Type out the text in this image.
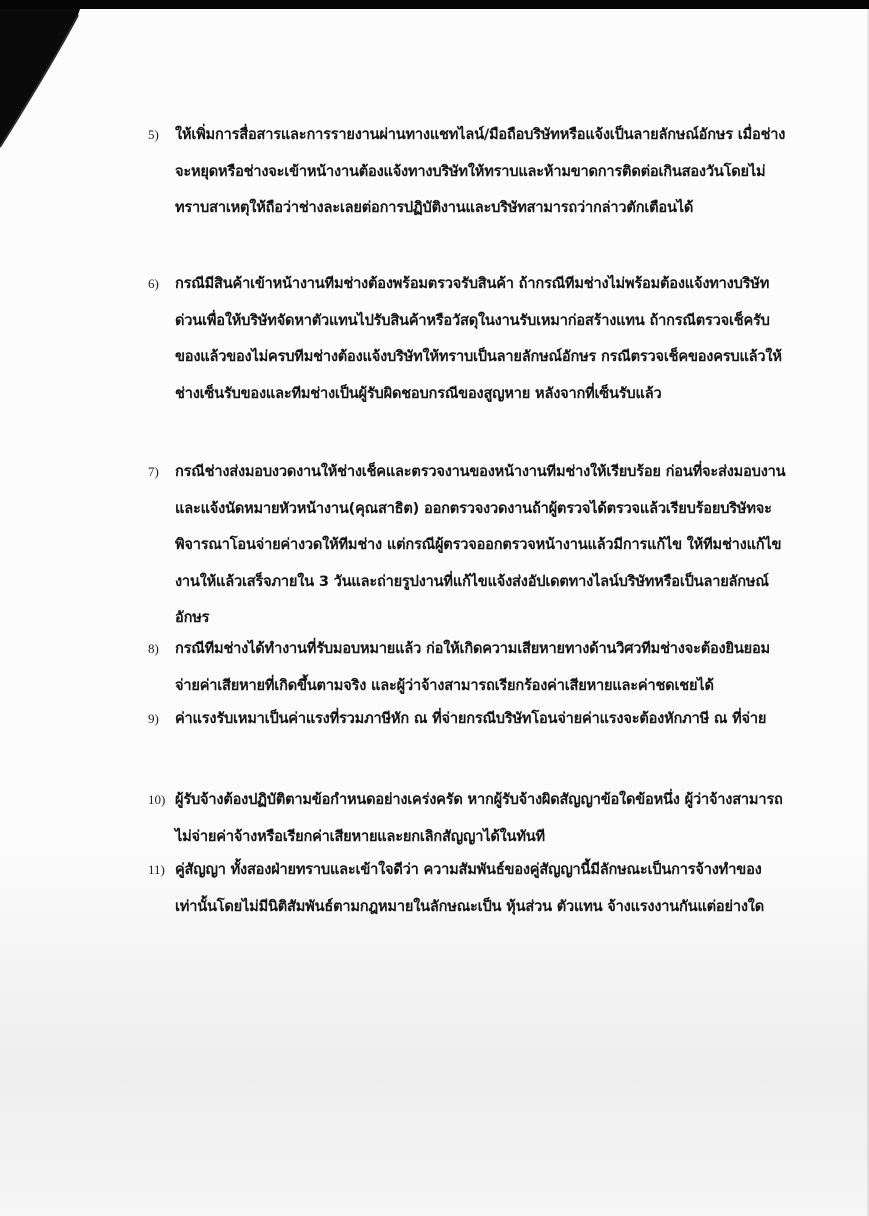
5)	ให้เพิ่มการสื่อสารและการรายงานผ่านทางแชทไลน์/มือถือบริษัทหรือแจ้งเป็นลายลักษณ์อักษร เมื่อช่างจะหยุดหรือช่างจะเข้าหน้างานต้องแจ้งทางบริษัทให้ทราบและห้ามขาดการติดต่อเกินสองวันโดยไม่ทราบสาเหตุให้ถือว่าช่างละเลยต่อการปฏิบัติงานและบริษัทสามารถว่ากล่าวตักเตือนได้
6)	กรณีมีสินค้าเข้าหน้างานทีมช่างต้องพร้อมตรวจรับสินค้า ถ้ากรณีทีมช่างไม่พร้อมต้องแจ้งทางบริษัทด่วนเพื่อให้บริษัทจัดหาตัวแทนไปรับสินค้าหรือวัสดุในงานรับเหมาก่อสร้างแทน ถ้ากรณีตรวจเช็ครับของแล้วของไม่ครบทีมช่างต้องแจ้งบริษัทให้ทราบเป็นลายลักษณ์อักษร กรณีตรวจเช็คของครบแล้วให้ช่างเซ็นรับของและทีมช่างเป็นผู้รับผิดชอบกรณีของสูญหาย หลังจากที่เซ็นรับแล้ว
7)	กรณีช่างส่งมอบงวดงานให้ช่างเช็คและตรวจงานของหน้างานทีมช่างให้เรียบร้อย ก่อนที่จะส่งมอบงานและแจ้งนัดหมายหัวหน้างาน(คุณสาธิต) ออกตรวจงวดงานถ้าผู้ตรวจได้ตรวจแล้วเรียบร้อยบริษัทจะพิจารณาโอนจ่ายค่างวดให้ทีมช่าง แต่กรณีผู้ตรวจออกตรวจหน้างานแล้วมีการแก้ไข ให้ทีมช่างแก้ไขงานให้แล้วเสร็จภายใน 3 วันและถ่ายรูปงานที่แก้ไขแจ้งส่งอัปเดตทางไลน์บริษัทหรือเป็นลายลักษณ์อักษร
8)	กรณีทีมช่างได้ทำงานที่รับมอบหมายแล้ว ก่อให้เกิดความเสียหายทางด้านวิศวทีมช่างจะต้องยินยอมจ่ายค่าเสียหายที่เกิดขึ้นตามจริง และผู้ว่าจ้างสามารถเรียกร้องค่าเสียหายและค่าชดเชยได้
9)	ค่าแรงรับเหมาเป็นค่าแรงที่รวมภาษีหัก ณ ที่จ่ายกรณีบริษัทโอนจ่ายค่าแรงจะต้องหักภาษี ณ ที่จ่าย
10) ผู้รับจ้างต้องปฏิบัติตามข้อกำหนดอย่างเคร่งครัด หากผู้รับจ้างผิดสัญญาข้อใดข้อหนึ่ง ผู้ว่าจ้างสามารถไม่จ่ายค่าจ้างหรือเรียกค่าเสียหายและยกเลิกสัญญาได้ในทันที
11) คู่สัญญา ทั้งสองฝ่ายทราบและเข้าใจดีว่า ความสัมพันธ์ของคู่สัญญานี้มีลักษณะเป็นการจ้างทำของเท่านั้นโดยไม่มีนิติสัมพันธ์ตามกฎหมายในลักษณะเป็น หุ้นส่วน ตัวแทน จ้างแรงงานกันแต่อย่างใด
